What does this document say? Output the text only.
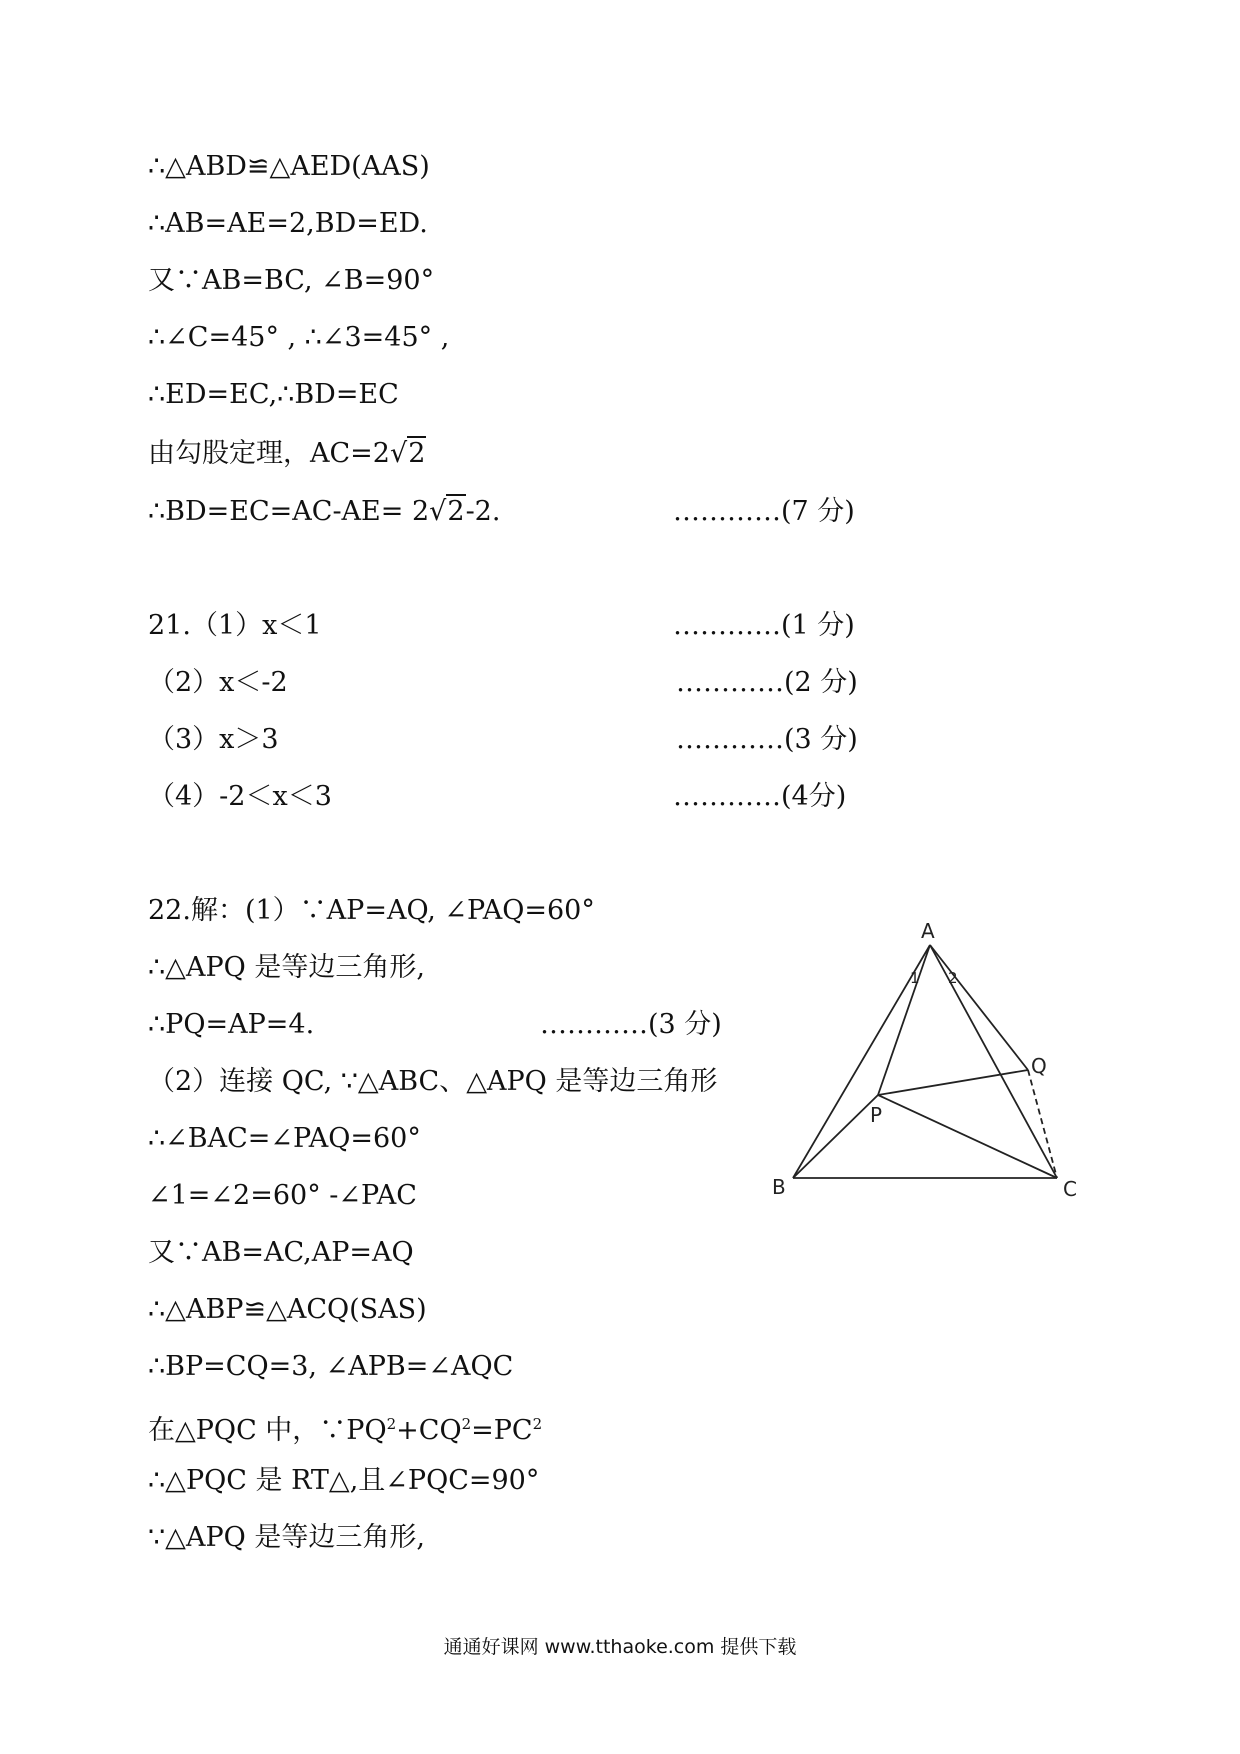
∴△ABD≌△AED(AAS)
∴AB=AE=2,BD=ED.
又∵AB=BC, ∠B=90°
∴∠C=45° , ∴∠3=45° ,
∴ED=EC,∴BD=EC
由勾股定理，AC=2√2
∴BD=EC=AC-AE= 2√2-2.	…………(7 分)
21.（1）x＜1	…………(1 分)
（2）x＜-2	…………(2 分)
（3）x＞3	…………(3 分)
（4）-2＜x＜3	…………(4分)
22.解：(1）∵AP=AQ, ∠PAQ=60°
∴△APQ 是等边三角形,
∴PQ=AP=4.	…………(3 分)
（2）连接 QC, ∵△ABC、△APQ 是等边三角形
∴∠BAC=∠PAQ=60°
∠1=∠2=60° -∠PAC
又∵AB=AC,AP=AQ
∴△ABP≌△ACQ(SAS)
∴BP=CQ=3, ∠APB=∠AQC
在△PQC 中，$\because PQ^2+CQ^2=PC^2$
∴△PQC 是 RT△,且∠PQC=90°
∵△APQ 是等边三角形,
A
B	C
P
Q
1 2
通通好课网 www.tthaoke.com 提供下载
